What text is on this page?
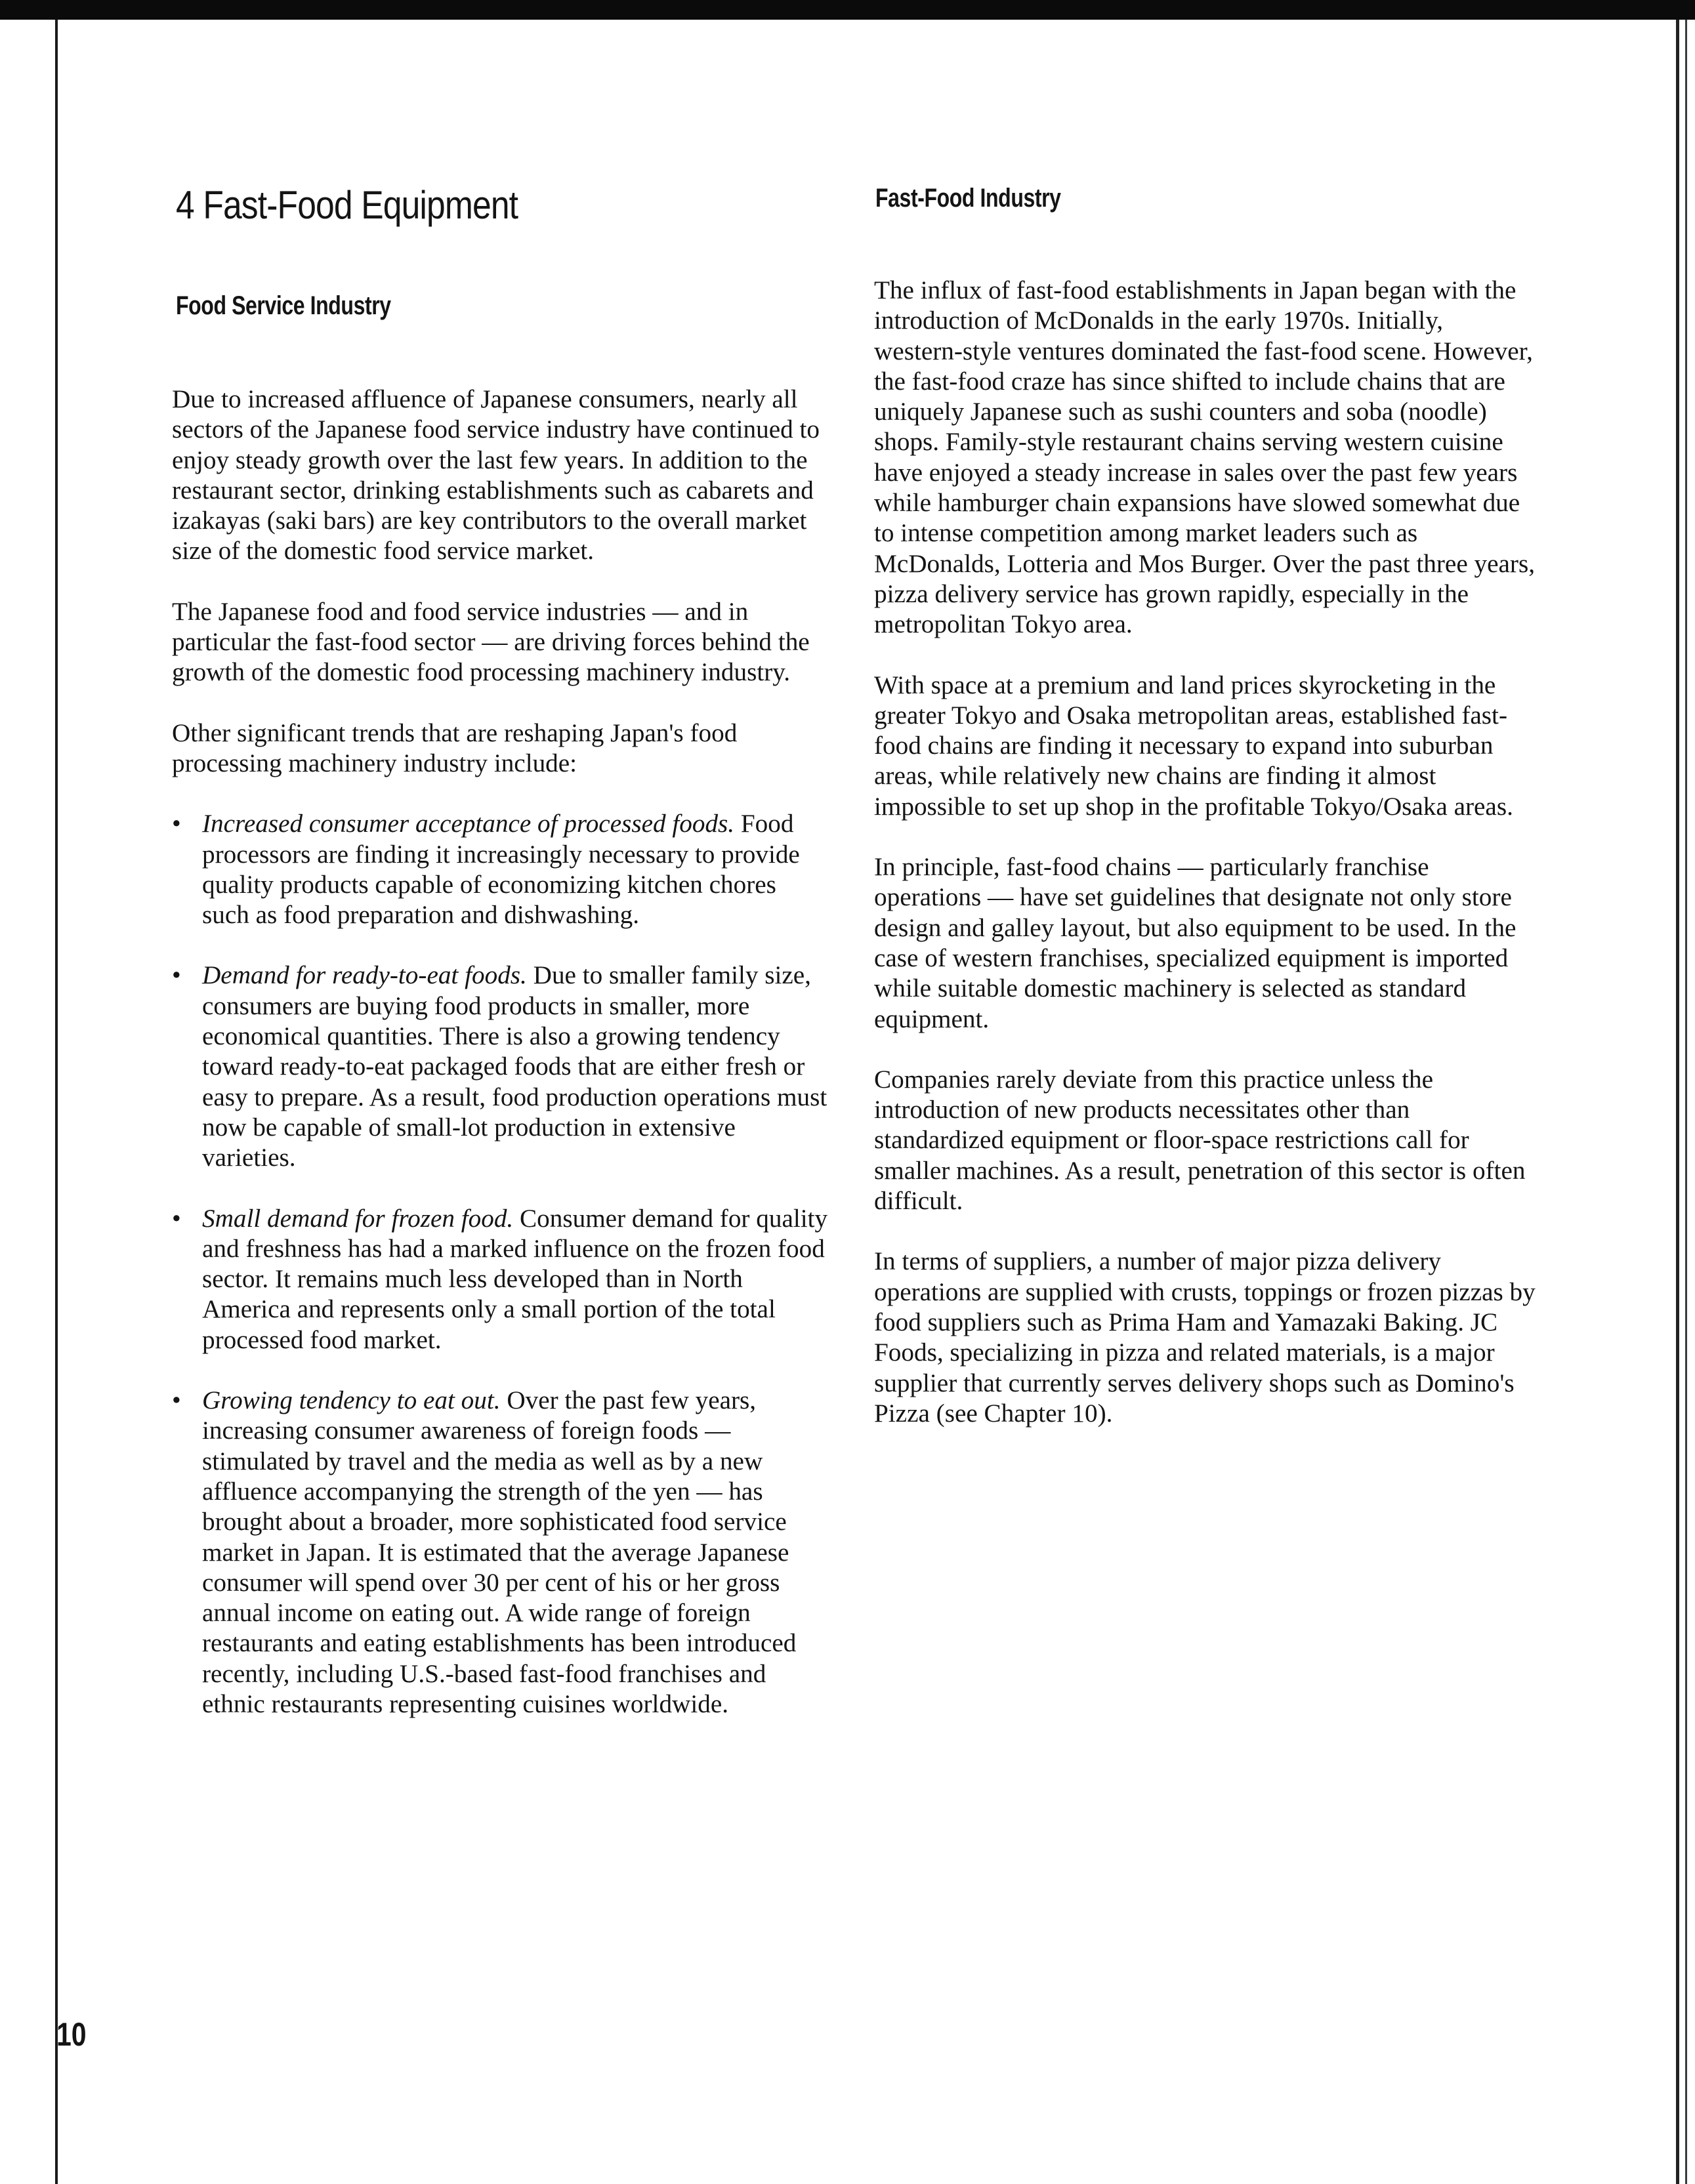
4 Fast-Food Equipment
Food Service Industry

Due to increased affluence of Japanese consumers, nearly all sectors of the Japanese food service industry have continued to enjoy steady growth over the last few years. In addition to the restaurant sector, drinking establishments such as cabarets and izakayas (saki bars) are key contributors to the overall market size of the domestic food service market.

The Japanese food and food service industries — and in particular the fast-food sector — are driving forces behind the growth of the domestic food processing machinery industry.

Other significant trends that are reshaping Japan's food processing machinery industry include:

• Increased consumer acceptance of processed foods. Food processors are finding it increasingly necessary to provide quality products capable of economizing kitchen chores such as food preparation and dishwashing.
• Demand for ready-to-eat foods. Due to smaller family size, consumers are buying food products in smaller, more economical quantities. There is also a growing tendency toward ready-to-eat packaged foods that are either fresh or easy to prepare. As a result, food production operations must now be capable of small-lot production in extensive varieties.
• Small demand for frozen food. Consumer demand for quality and freshness has had a marked influence on the frozen food sector. It remains much less developed than in North America and represents only a small portion of the total processed food market.
• Growing tendency to eat out. Over the past few years, increasing consumer awareness of foreign foods — stimulated by travel and the media as well as by a new affluence accompanying the strength of the yen — has brought about a broader, more sophisticated food service market in Japan. It is estimated that the average Japanese consumer will spend over 30 per cent of his or her gross annual income on eating out. A wide range of foreign restaurants and eating establishments has been introduced recently, including U.S.-based fast-food franchises and ethnic restaurants representing cuisines worldwide.
Fast-Food Industry

The influx of fast-food establishments in Japan began with the introduction of McDonalds in the early 1970s. Initially, western-style ventures dominated the fast-food scene. However, the fast-food craze has since shifted to include chains that are uniquely Japanese such as sushi counters and soba (noodle) shops. Family-style restaurant chains serving western cuisine have enjoyed a steady increase in sales over the past few years while hamburger chain expansions have slowed somewhat due to intense competition among market leaders such as McDonalds, Lotteria and Mos Burger. Over the past three years, pizza delivery service has grown rapidly, especially in the metropolitan Tokyo area.

With space at a premium and land prices skyrocketing in the greater Tokyo and Osaka metropolitan areas, established fast-food chains are finding it necessary to expand into suburban areas, while relatively new chains are finding it almost impossible to set up shop in the profitable Tokyo/Osaka areas.

In principle, fast-food chains — particularly franchise operations — have set guidelines that designate not only store design and galley layout, but also equipment to be used. In the case of western franchises, specialized equipment is imported while suitable domestic machinery is selected as standard equipment.

Companies rarely deviate from this practice unless the introduction of new products necessitates other than standardized equipment or floor-space restrictions call for smaller machines. As a result, penetration of this sector is often difficult.

In terms of suppliers, a number of major pizza delivery operations are supplied with crusts, toppings or frozen pizzas by food suppliers such as Prima Ham and Yamazaki Baking. JC Foods, specializing in pizza and related materials, is a major supplier that currently serves delivery shops such as Domino's Pizza (see Chapter 10).

10
